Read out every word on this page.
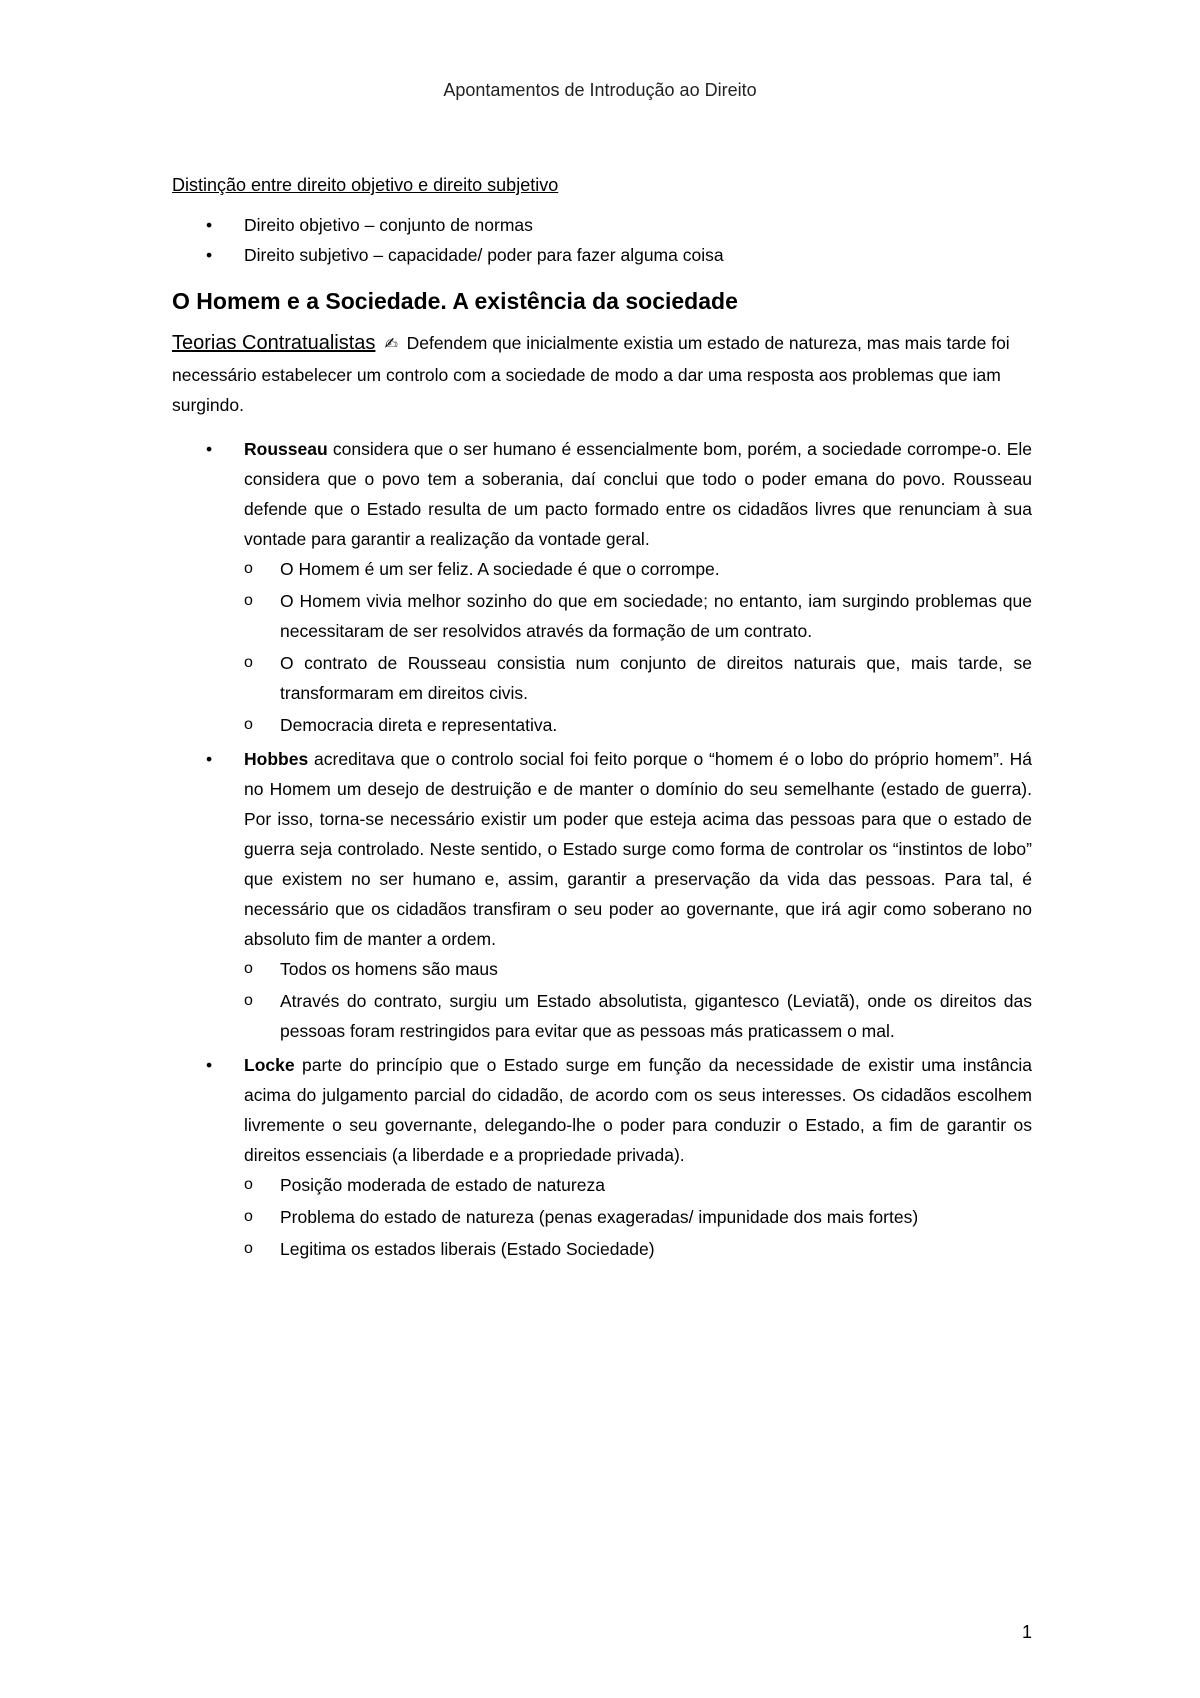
Apontamentos de Introdução ao Direito
Distinção entre direito objetivo e direito subjetivo
• Direito objetivo – conjunto de normas
• Direito subjetivo – capacidade/ poder para fazer alguma coisa
O Homem e a Sociedade. A existência da sociedade

Teorias Contratualistas ✍ Defendem que inicialmente existia um estado de natureza, mas mais tarde foi necessário estabelecer um controlo com a sociedade de modo a dar uma resposta aos problemas que iam surgindo.

• Rousseau considera que o ser humano é essencialmente bom, porém, a sociedade corrompe-o. Ele considera que o povo tem a soberania, daí conclui que todo o poder emana do povo. Rousseau defende que o Estado resulta de um pacto formado entre os cidadãos livres que renunciam à sua vontade para garantir a realização da vontade geral.
o O Homem é um ser feliz. A sociedade é que o corrompe.
o O Homem vivia melhor sozinho do que em sociedade; no entanto, iam surgindo problemas que necessitaram de ser resolvidos através da formação de um contrato.
o O contrato de Rousseau consistia num conjunto de direitos naturais que, mais tarde, se transformaram em direitos civis.
o Democracia direta e representativa.
• Hobbes acreditava que o controlo social foi feito porque o “homem é o lobo do próprio homem”. Há no Homem um desejo de destruição e de manter o domínio do seu semelhante (estado de guerra). Por isso, torna-se necessário existir um poder que esteja acima das pessoas para que o estado de guerra seja controlado. Neste sentido, o Estado surge como forma de controlar os “instintos de lobo” que existem no ser humano e, assim, garantir a preservação da vida das pessoas. Para tal, é necessário que os cidadãos transfiram o seu poder ao governante, que irá agir como soberano no absoluto fim de manter a ordem.
o Todos os homens são maus
o Através do contrato, surgiu um Estado absolutista, gigantesco (Leviatã), onde os direitos das pessoas foram restringidos para evitar que as pessoas más praticassem o mal.
• Locke parte do princípio que o Estado surge em função da necessidade de existir uma instância acima do julgamento parcial do cidadão, de acordo com os seus interesses. Os cidadãos escolhem livremente o seu governante, delegando-lhe o poder para conduzir o Estado, a fim de garantir os direitos essenciais (a liberdade e a propriedade privada).
o Posição moderada de estado de natureza
o Problema do estado de natureza (penas exageradas/ impunidade dos mais fortes)
o Legitima os estados liberais (Estado Sociedade)
1
